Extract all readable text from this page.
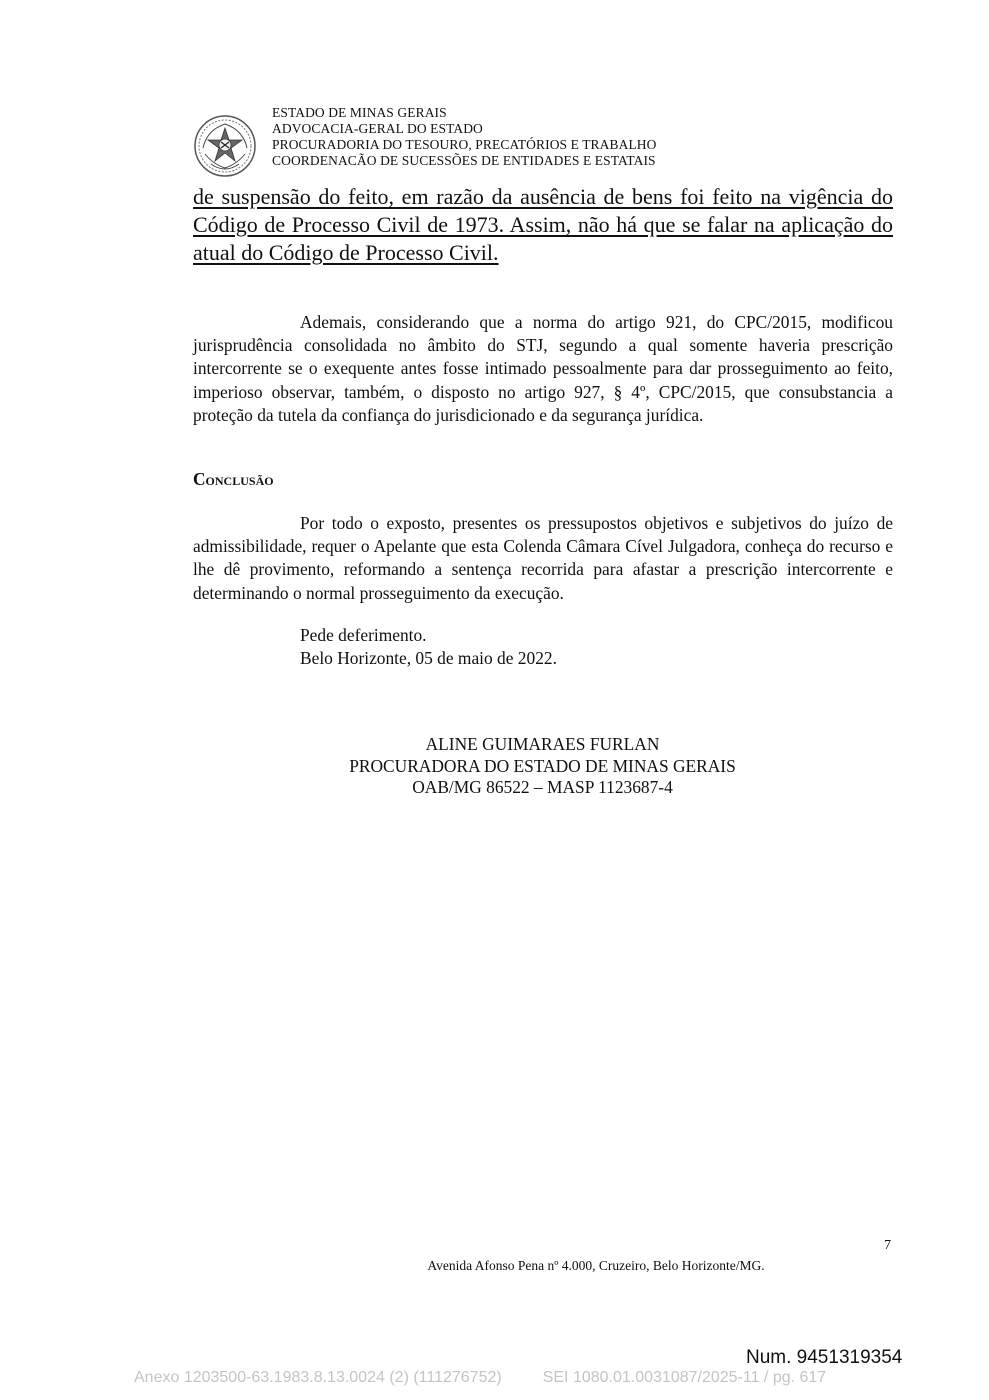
ESTADO DE MINAS GERAIS
ADVOCACIA-GERAL DO ESTADO
PROCURADORIA DO TESOURO, PRECATÓRIOS E TRABALHO
COORDENACÃO DE SUCESSÕES DE ENTIDADES E ESTATAIS
de suspensão do feito, em razão da ausência de bens foi feito na vigência do Código de Processo Civil de 1973. Assim, não há que se falar na aplicação do atual do Código de Processo Civil.
Ademais, considerando que a norma do artigo 921, do CPC/2015, modificou jurisprudência consolidada no âmbito do STJ, segundo a qual somente haveria prescrição intercorrente se o exequente antes fosse intimado pessoalmente para dar prosseguimento ao feito, imperioso observar, também, o disposto no artigo 927, § 4º, CPC/2015, que consubstancia a proteção da tutela da confiança do jurisdicionado e da segurança jurídica.
Conclusão
Por todo o exposto, presentes os pressupostos objetivos e subjetivos do juízo de admissibilidade, requer o Apelante que esta Colenda Câmara Cível Julgadora, conheça do recurso e lhe dê provimento, reformando a sentença recorrida para afastar a prescrição intercorrente e determinando o normal prosseguimento da execução.
Pede deferimento.
Belo Horizonte, 05 de maio de 2022.
ALINE GUIMARAES FURLAN
PROCURADORA DO ESTADO DE MINAS GERAIS
OAB/MG 86522 – MASP 1123687-4
7
Avenida Afonso Pena nº 4.000, Cruzeiro, Belo Horizonte/MG.
Num. 9451319354
Anexo 1203500-63.1983.8.13.0024 (2) (111276752)	SEI 1080.01.0031087/2025-11 / pg. 617
